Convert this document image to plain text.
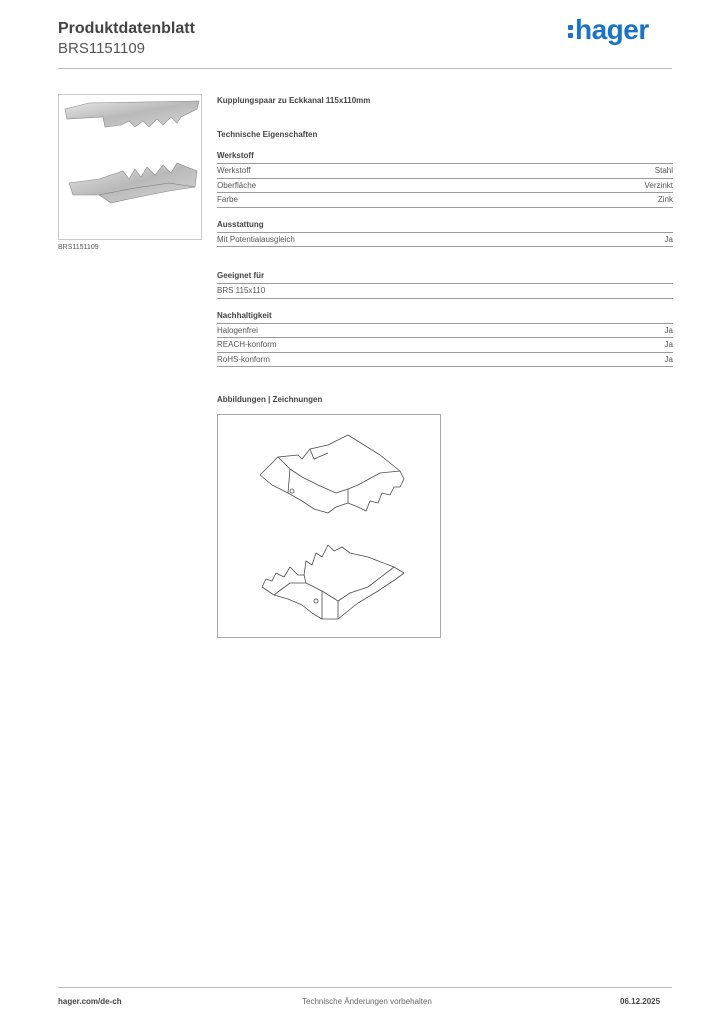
Produktdatenblatt
BRS1151109
hager
BRS1151109
Kupplungspaar zu Eckkanal 115x110mm
Technische Eigenschaften
Werkstoff
Werkstoff	Stahl
Oberfläche	Verzinkt
Farbe	Zink
Ausstattung
Mit Potentialausgleich	Ja
Geeignet für
BRS 115x110
Nachhaltigkeit
Halogenfrei	Ja
REACH-konform	Ja
RoHS-konform	Ja
Abbildungen | Zeichnungen
hager.com/de-ch	Technische Änderungen vorbehalten	06.12.2025
